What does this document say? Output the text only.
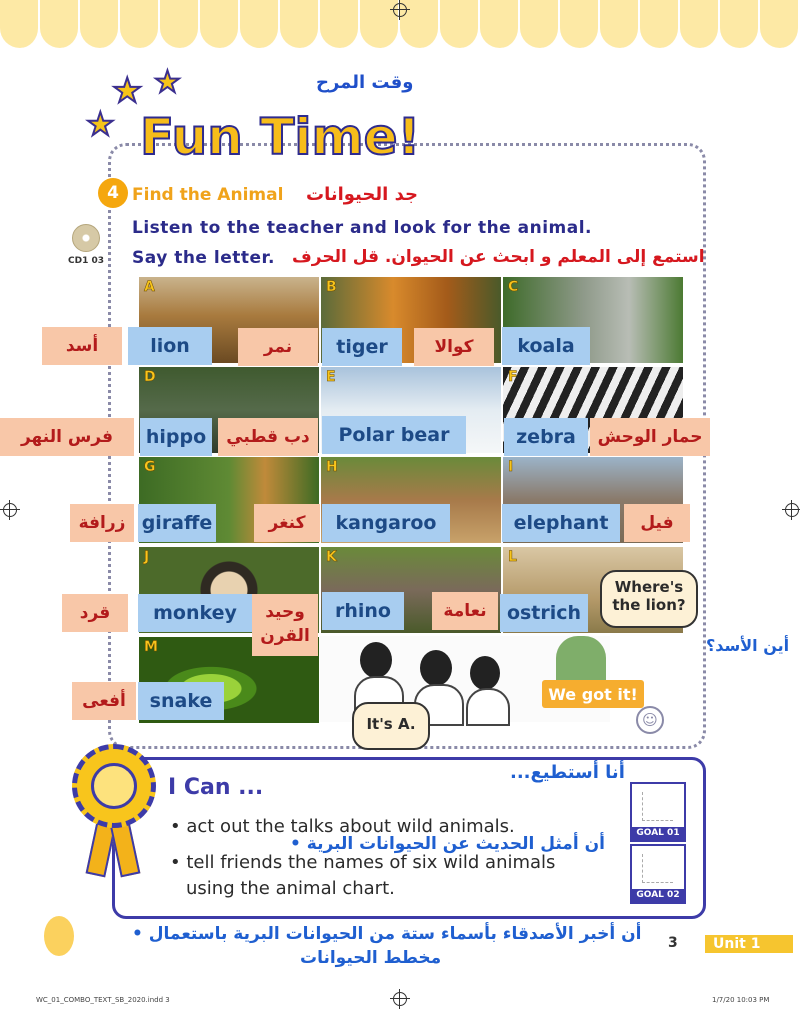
★ ★
★
وقت المرح
Fun Time!
4 Find the Animal جد الحيوانات
CD1 03
Listen to the teacher and look for the animal.
Say the letter. استمع إلى المعلم و ابحث عن الحيوان. قل الحرف
A	B	C
D	E	F
G	H	I
J	K	L
M
lion	tiger	koala
hippo	Polar bear	zebra
giraffe	kangaroo	elephant
monkey	rhino	ostrich
snake
أسد	نمر	كوالا
فرس النهر	دب قطبي	حمار الوحش
زرافة	كنغر	فيل
قرد	وحيد القرن
نعامة
أفعى
Where's the lion?
أين الأسد؟
It's A.
We got it!
☺
I Can ...
أنا أستطيع...
• act out the talks about wild animals.
أن أمثل الحديث عن الحيوانات البرية •
• tell friends the names of six wild animals
using the animal chart.
GOAL 01
GOAL 02
أن أخبر الأصدقاء بأسماء ستة من الحيوانات البرية باستعمال •
مخطط الحيوانات
3	Unit 1
WC_01_COMBO_TEXT_SB_2020.indd 3	1/7/20 10:03 PM
